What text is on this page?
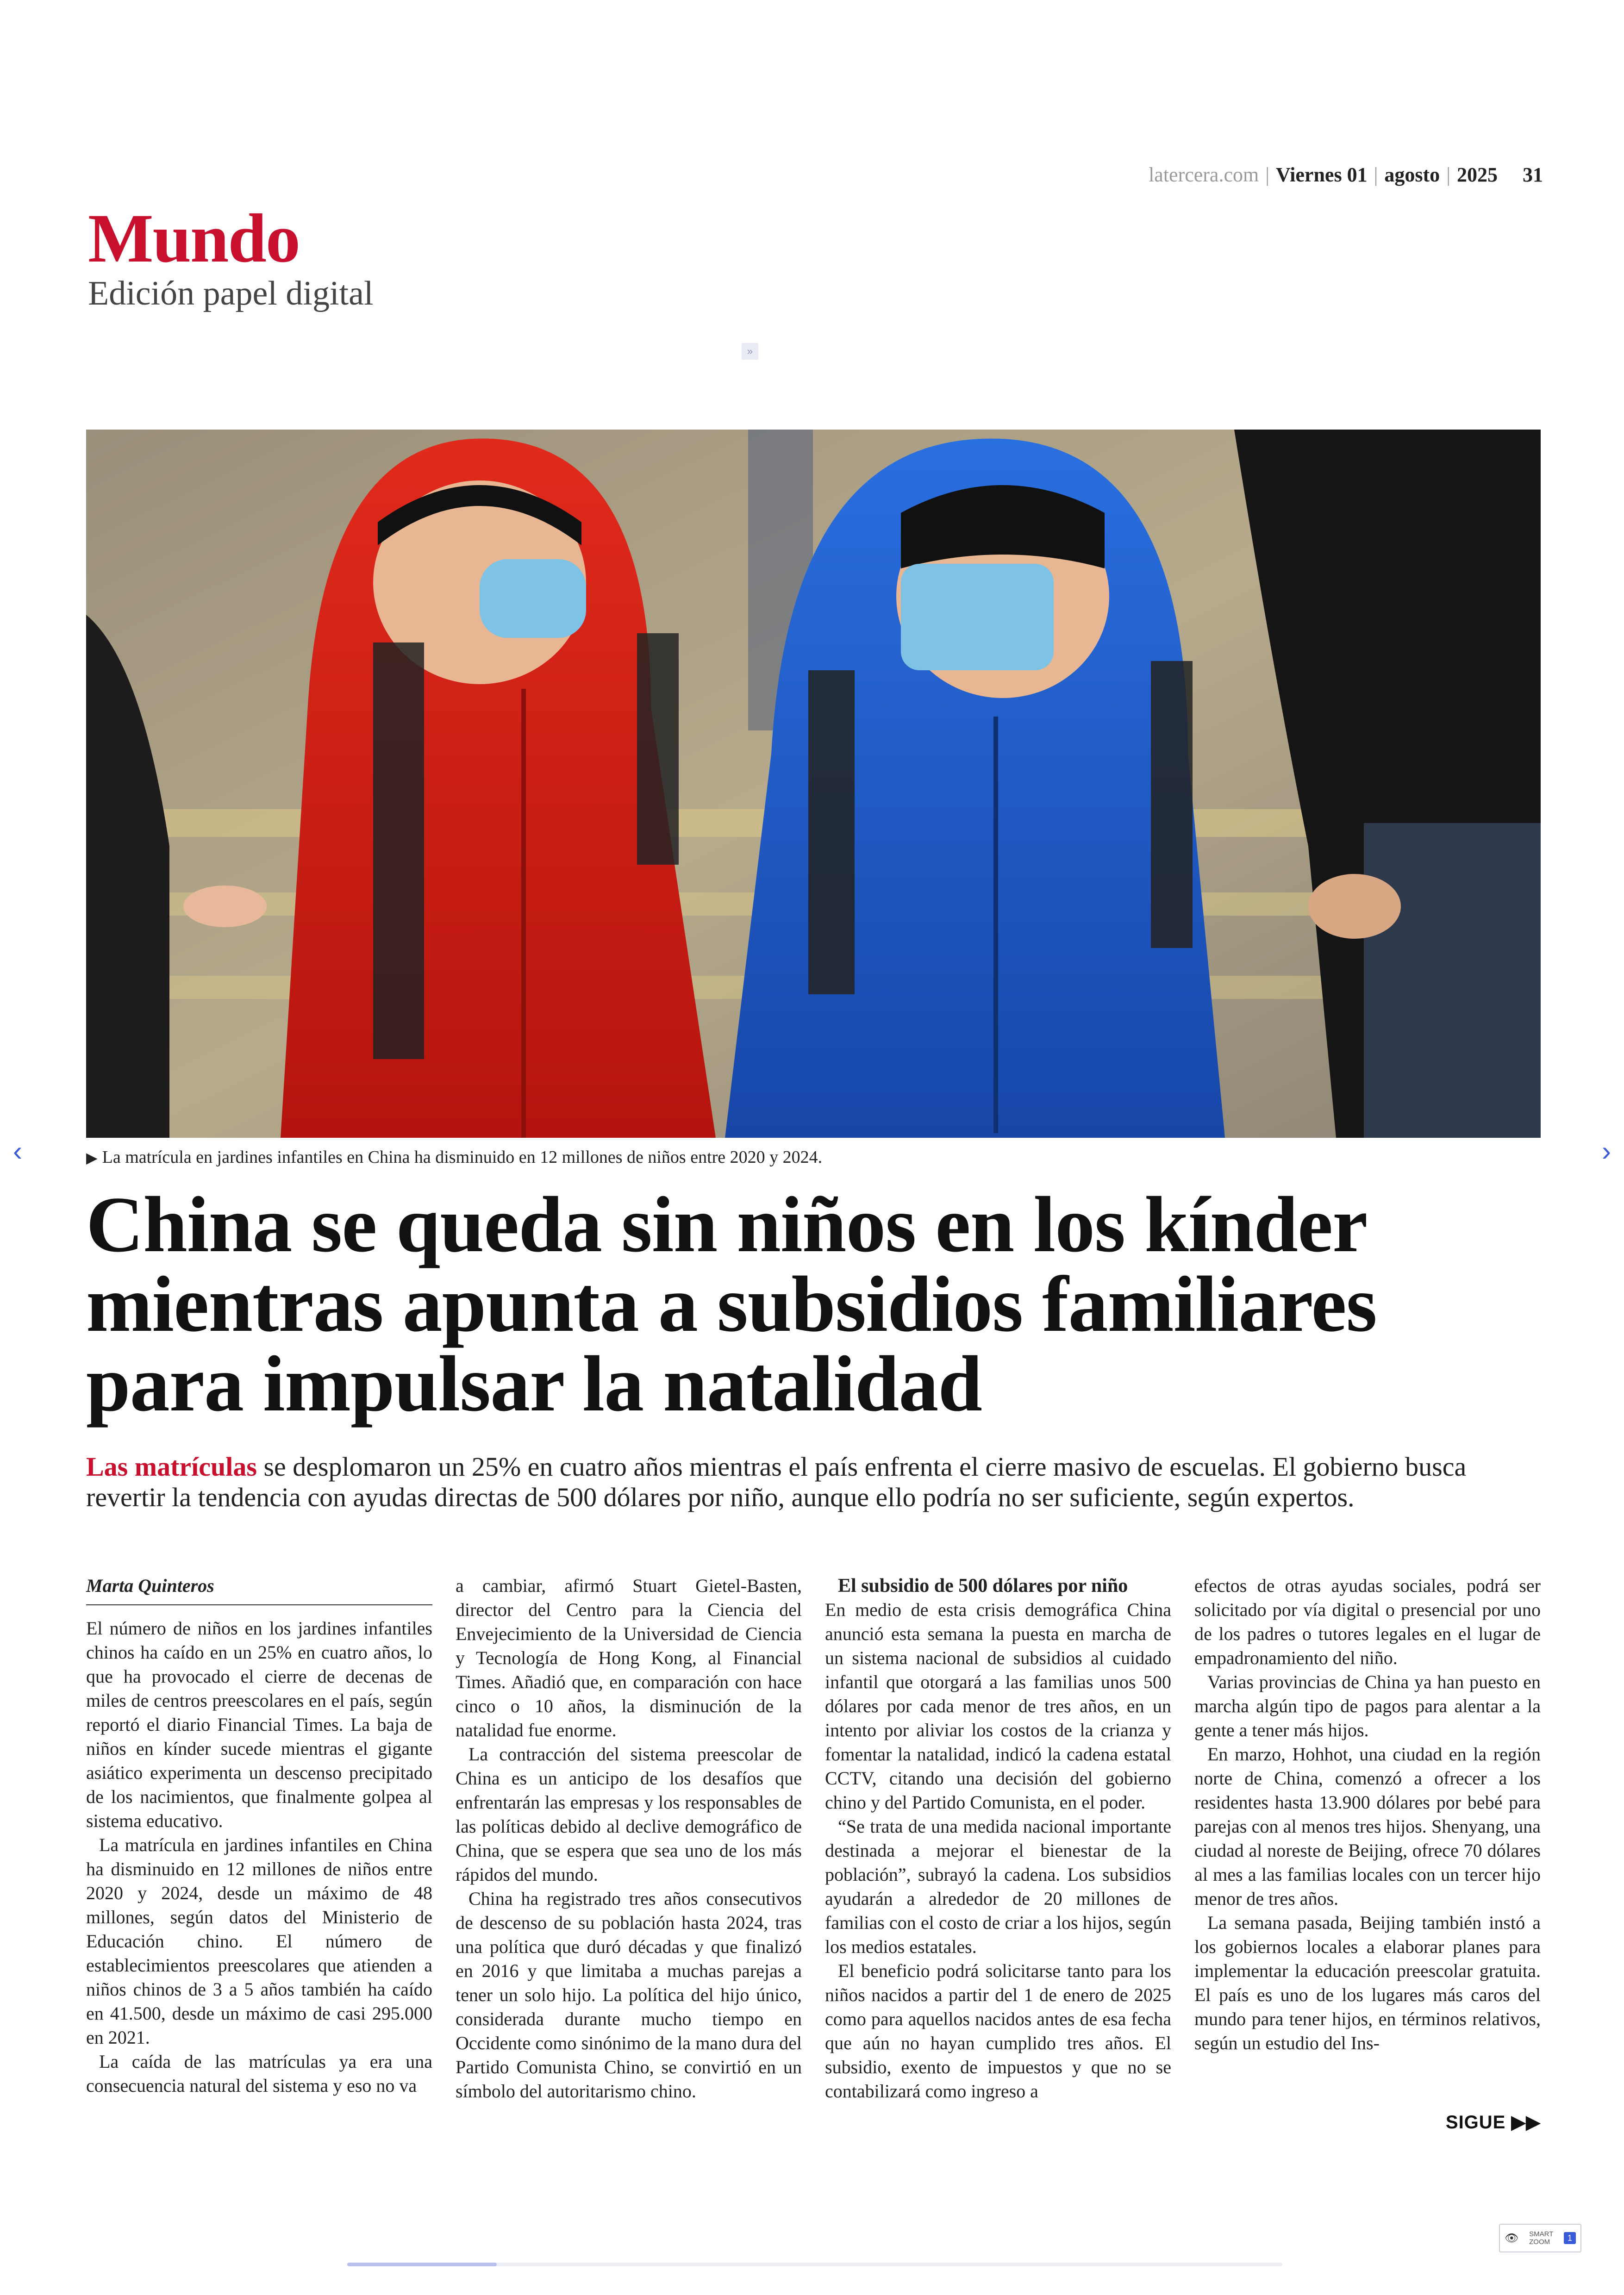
latercera.com | Viernes 01 | agosto | 2025 31
Mundo
Edición papel digital
»
▶ La matrícula en jardines infantiles en China ha disminuido en 12 millones de niños entre 2020 y 2024.
‹	›
China se queda sin niños en los kínder mientras apunta a subsidios familiares para impulsar la natalidad
Las matrículas se desplomaron un 25% en cuatro años mientras el país enfrenta el cierre masivo de escuelas. El gobierno busca revertir la tendencia con ayudas directas de 500 dólares por niño, aunque ello podría no ser suficiente, según expertos.
Marta Quinteros

El número de niños en los jardines infantiles chinos ha caído en un 25% en cuatro años, lo que ha provocado el cierre de decenas de miles de centros preescolares en el país, según reportó el diario Financial Times. La baja de niños en kínder sucede mientras el gigante asiático experimenta un descenso precipitado de los nacimientos, que finalmente golpea al sistema educativo.

La matrícula en jardines infantiles en China ha disminuido en 12 millones de niños entre 2020 y 2024, desde un máximo de 48 millones, según datos del Ministerio de Educación chino. El número de establecimientos preescolares que atienden a niños chinos de 3 a 5 años también ha caído en 41.500, desde un máximo de casi 295.000 en 2021.

La caída de las matrículas ya era una consecuencia natural del sistema y eso no va

a cambiar, afirmó Stuart Gietel-Basten, director del Centro para la Ciencia del Envejecimiento de la Universidad de Ciencia y Tecnología de Hong Kong, al Financial Times. Añadió que, en comparación con hace cinco o 10 años, la disminución de la natalidad fue enorme.

La contracción del sistema preescolar de China es un anticipo de los desafíos que enfrentarán las empresas y los responsables de las políticas debido al declive demográfico de China, que se espera que sea uno de los más rápidos del mundo.

China ha registrado tres años consecutivos de descenso de su población hasta 2024, tras una política que duró décadas y que finalizó en 2016 y que limitaba a muchas parejas a tener un solo hijo. La política del hijo único, considerada durante mucho tiempo en Occidente como sinónimo de la mano dura del Partido Comunista Chino, se convirtió en un símbolo del autoritarismo chino.

El subsidio de 500 dólares por niño

En medio de esta crisis demográfica China anunció esta semana la puesta en marcha de un sistema nacional de subsidios al cuidado infantil que otorgará a las familias unos 500 dólares por cada menor de tres años, en un intento por aliviar los costos de la crianza y fomentar la natalidad, indicó la cadena estatal CCTV, citando una decisión del gobierno chino y del Partido Comunista, en el poder.

“Se trata de una medida nacional importante destinada a mejorar el bienestar de la población”, subrayó la cadena. Los subsidios ayudarán a alrededor de 20 millones de familias con el costo de criar a los hijos, según los medios estatales.

El beneficio podrá solicitarse tanto para los niños nacidos a partir del 1 de enero de 2025 como para aquellos nacidos antes de esa fecha que aún no hayan cumplido tres años. El subsidio, exento de impuestos y que no se contabilizará como ingreso a

efectos de otras ayudas sociales, podrá ser solicitado por vía digital o presencial por uno de los padres o tutores legales en el lugar de empadronamiento del niño.

Varias provincias de China ya han puesto en marcha algún tipo de pagos para alentar a la gente a tener más hijos.

En marzo, Hohhot, una ciudad en la región norte de China, comenzó a ofrecer a los residentes hasta 13.900 dólares por bebé para parejas con al menos tres hijos. Shenyang, una ciudad al noreste de Beijing, ofrece 70 dólares al mes a las familias locales con un tercer hijo menor de tres años.

La semana pasada, Beijing también instó a los gobiernos locales a elaborar planes para implementar la educación preescolar gratuita. El país es uno de los lugares más caros del mundo para tener hijos, en términos relativos, según un estudio del Ins-

SIGUE ▶▶
👁 SMART
ZOOM	1
